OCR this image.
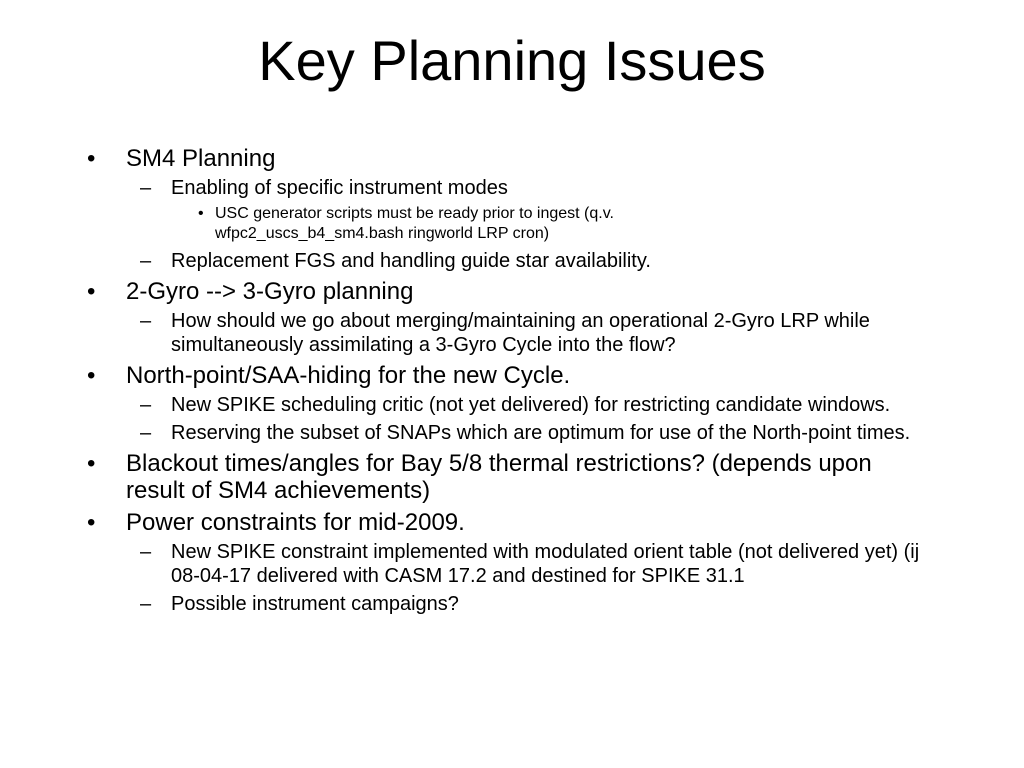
Key Planning Issues
• SM4 Planning
– Enabling of specific instrument modes
• USC generator scripts must be ready prior to ingest (q.v. wfpc2_uscs_b4_sm4.bash ringworld LRP cron)
– Replacement FGS and handling guide star availability.
• 2-Gyro --> 3-Gyro planning
– How should we go about merging/maintaining an operational 2-Gyro LRP while simultaneously assimilating a 3-Gyro Cycle into the flow?
• North-point/SAA-hiding for the new Cycle.
– New SPIKE scheduling critic (not yet delivered) for restricting candidate windows.
– Reserving the subset of SNAPs which are optimum for use of the North-point times.
• Blackout times/angles for Bay 5/8 thermal restrictions? (depends upon result of SM4 achievements)
• Power constraints for mid-2009.
– New SPIKE constraint implemented with modulated orient table (not delivered yet) (ij 08-04-17 delivered with CASM 17.2 and destined for SPIKE 31.1
– Possible instrument campaigns?
